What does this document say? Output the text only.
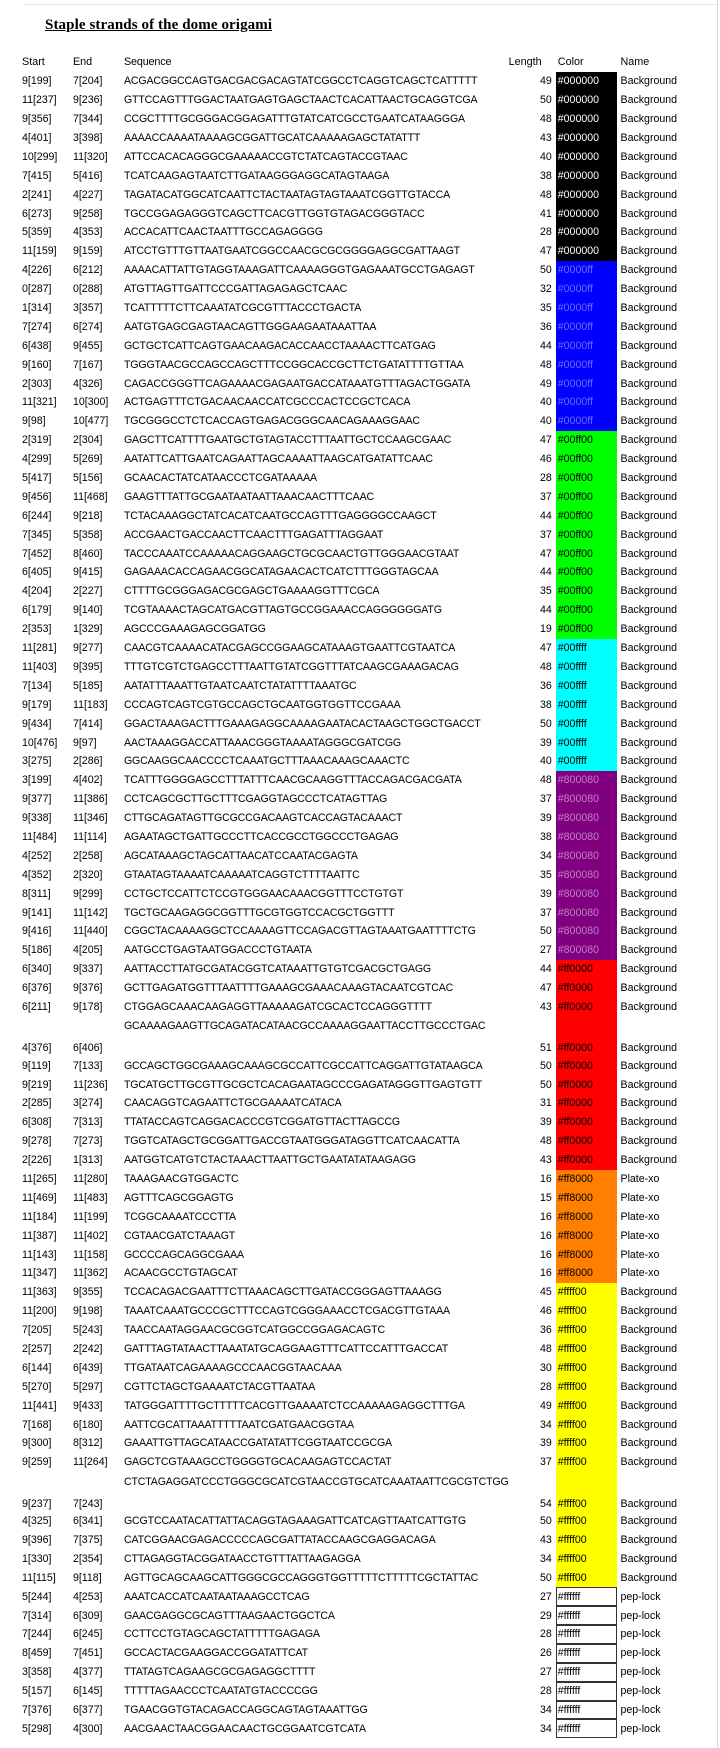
Staple strands of the dome origami
Start	End	Sequence	Length	Color	Name
9[199]	7[204]	ACGACGGCCAGTGACGACGACAGTATCGGCCTCAGGTCAGCTCATTTTT	49	#000000	Background
11[237]	9[236]	GTTCCAGTTTGGACTAATGAGTGAGCTAACTCACATTAACTGCAGGTCGA	50	#000000	Background
9[356]	7[344]	CCGCTTTTGCGGGACGGAGATTTGTATCATCGCCTGAATCATAAGGGA	48	#000000	Background
4[401]	3[398]	AAAACCAAAATAAAAGCGGATTGCATCAAAAAGAGCTATATTT	43	#000000	Background
10[299]	11[320]	ATTCCACACAGGGCGAAAAACCGTCTATCAGTACCGTAAC	40	#000000	Background
7[415]	5[416]	TCATCAAGAGTAATCTTGATAAGGGAGGCATAGTAAGA	38	#000000	Background
2[241]	4[227]	TAGATACATGGCATCAATTCTACTAATAGTAGTAAATCGGTTGTACCA	48	#000000	Background
6[273]	9[258]	TGCCGGAGAGGGTCAGCTTCACGTTGGTGTAGACGGGTACC	41	#000000	Background
5[359]	4[353]	ACCACATTCAACTAATTTGCCAGAGGGG	28	#000000	Background
11[159]	9[159]	ATCCTGTTTGTTAATGAATCGGCCAACGCGCGGGGAGGCGATTAAGT	47	#000000	Background
4[226]	6[212]	AAAACATTATTGTAGGTAAAGATTCAAAAGGGTGAGAAATGCCTGAGAGT	50	#0000ff	Background
0[287]	0[288]	ATGTTAGTTGATTCCCGATTAGAGAGCTCAAC	32	#0000ff	Background
1[314]	3[357]	TCATTTTTCTTCAAATATCGCGTTTACCCTGACTA	35	#0000ff	Background
7[274]	6[274]	AATGTGAGCGAGTAACAGTTGGGAAGAATAAATTAA	36	#0000ff	Background
6[438]	9[455]	GCTGCTCATTCAGTGAACAAGACACCAACCTAAAACTTCATGAG	44	#0000ff	Background
9[160]	7[167]	TGGGTAACGCCAGCCAGCTTTCCGGCACCGCTTCTGATATTTTGTTAA	48	#0000ff	Background
2[303]	4[326]	CAGACCGGGTTCAGAAAACGAGAATGACCATAAATGTTTAGACTGGATA	49	#0000ff	Background
11[321]	10[300]	ACTGAGTTTCTGACAACAACCATCGCCCACTCCGCTCACA	40	#0000ff	Background
9[98]	10[477]	TGCGGGCCTCTCACCAGTGAGACGGGCAACAGAAAGGAAC	40	#0000ff	Background
2[319]	2[304]	GAGCTTCATTTTGAATGCTGTAGTACCTTTAATTGCTCCAAGCGAAC	47	#00ff00	Background
4[299]	5[269]	AATATTCATTGAATCAGAATTAGCAAAATTAAGCATGATATTCAAC	46	#00ff00	Background
5[417]	5[156]	GCAACACTATCATAACCCTCGATAAAAA	28	#00ff00	Background
9[456]	11[468]	GAAGTTTATTGCGAATAATAATTAAACAACTTTCAAC	37	#00ff00	Background
6[244]	9[218]	TCTACAAAGGCTATCACATCAATGCCAGTTTGAGGGGCCAAGCT	44	#00ff00	Background
7[345]	5[358]	ACCGAACTGACCAACTTCAACTTTGAGATTTAGGAAT	37	#00ff00	Background
7[452]	8[460]	TACCCAAATCCAAAAACAGGAAGCTGCGCAACTGTTGGGAACGTAAT	47	#00ff00	Background
6[405]	9[415]	GAGAAACACCAGAACGGCATAGAACACTCATCTTTGGGTAGCAA	44	#00ff00	Background
4[204]	2[227]	CTTTTGCGGGAGACGCGAGCTGAAAAGGTTTCGCA	35	#00ff00	Background
6[179]	9[140]	TCGTAAAACTAGCATGACGTTAGTGCCGGAAACCAGGGGGGATG	44	#00ff00	Background
2[353]	1[329]	AGCCCGAAAGAGCGGATGG	19	#00ff00	Background
11[281]	9[277]	CAACGTCAAAACATACGAGCCGGAAGCATAAAGTGAATTCGTAATCA	47	#00ffff	Background
11[403]	9[395]	TTTGTCGTCTGAGCCTTTAATTGTATCGGTTTATCAAGCGAAAGACAG	48	#00ffff	Background
7[134]	5[185]	AATATTTAAATTGTAATCAATCTATATTTTAAATGC	36	#00ffff	Background
9[179]	11[183]	CCCAGTCAGTCGTGCCAGCTGCAATGGTGGTTCCGAAA	38	#00ffff	Background
9[434]	7[414]	GGACTAAAGACTTTGAAAGAGGCAAAAGAATACACTAAGCTGGCTGACCT	50	#00ffff	Background
10[476]	9[97]	AACTAAAGGACCATTAAACGGGTAAAATAGGGCGATCGG	39	#00ffff	Background
3[275]	2[286]	GGCAAGGCAACCCCTCAAATGCTTTAAACAAAGCAAACTC	40	#00ffff	Background
3[199]	4[402]	TCATTTGGGGAGCCTTTATTTCAACGCAAGGTTTACCAGACGACGATA	48	#800080	Background
9[377]	11[386]	CCTCAGCGCTTGCTTTCGAGGTAGCCCTCATAGTTAG	37	#800080	Background
9[338]	11[346]	CTTGCAGATAGTTGCGCCGACAAGTCACCAGTACAAACT	39	#800080	Background
11[484]	11[114]	AGAATAGCTGATTGCCCTTCACCGCCTGGCCCTGAGAG	38	#800080	Background
4[252]	2[258]	AGCATAAAGCTAGCATTAACATCCAATACGAGTA	34	#800080	Background
4[352]	2[320]	GTAATAGTAAAATCAAAAATCAGGTCTTTTAATTC	35	#800080	Background
8[311]	9[299]	CCTGCTCCATTCTCCGTGGGAACAAACGGTTTCCTGTGT	39	#800080	Background
9[141]	11[142]	TGCTGCAAGAGGCGGTTTGCGTGGTCCACGCTGGTTT	37	#800080	Background
9[416]	11[440]	CGGCTACAAAAGGCTCCAAAAGTTCCAGACGTTAGTAAATGAATTTTCTG	50	#800080	Background
5[186]	4[205]	AATGCCTGAGTAATGGACCCTGTAATA	27	#800080	Background
6[340]	9[337]	AATTACCTTATGCGATACGGTCATAAATTGTGTCGACGCTGAGG	44	#ff0000	Background
6[376]	9[376]	GCTTGAGATGGTTTAATTTTGAAAGCGAAACAAAGTACAATCGTCAC	47	#ff0000	Background
6[211]	9[178]	CTGGAGCAAACAAGAGGTTAAAAAGATCGCACTCCAGGGTTTT	43	#ff0000	Background
4[376]	6[406]	GCAAAAGAAGTTGCAGATACATAACGCCAAAAGGAATTACCTTGCCCTGAC	51	#ff0000	Background
9[119]	7[133]	GCCAGCTGGCGAAAGCAAAGCGCCATTCGCCATTCAGGATTGTATAAGCA	50	#ff0000	Background
9[219]	11[236]	TGCATGCTTGCGTTGCGCTCACAGAATAGCCCGAGATAGGGTTGAGTGTT	50	#ff0000	Background
2[285]	3[274]	CAACAGGTCAGAATTCTGCGAAAATCATACA	31	#ff0000	Background
6[308]	7[313]	TTATACCAGTCAGGACACCCGTCGGATGTTACTTAGCCG	39	#ff0000	Background
9[278]	7[273]	TGGTCATAGCTGCGGATTGACCGTAATGGGATAGGTTCATCAACATTA	48	#ff0000	Background
2[226]	1[313]	AATGGTCATGTCTACTAAACTTAATTGCTGAATATATAAGAGG	43	#ff0000	Background
11[265]	11[280]	TAAAGAACGTGGACTC	16	#ff8000	Plate-xo
11[469]	11[483]	AGTTTCAGCGGAGTG	15	#ff8000	Plate-xo
11[184]	11[199]	TCGGCAAAATCCCTTA	16	#ff8000	Plate-xo
11[387]	11[402]	CGTAACGATCTAAAGT	16	#ff8000	Plate-xo
11[143]	11[158]	GCCCCAGCAGGCGAAA	16	#ff8000	Plate-xo
11[347]	11[362]	ACAACGCCTGTAGCAT	16	#ff8000	Plate-xo
11[363]	9[355]	TCCACAGACGAATTTCTTAAACAGCTTGATACCGGGAGTTAAAGG	45	#ffff00	Background
11[200]	9[198]	TAAATCAAATGCCCGCTTTCCAGTCGGGAAACCTCGACGTTGTAAA	46	#ffff00	Background
7[205]	5[243]	TAACCAATAGGAACGCGGTCATGGCCGGAGACAGTC	36	#ffff00	Background
2[257]	2[242]	GATTTAGTATAACTTAAATATGCAGGAAGTTTCATTCCATTTGACCAT	48	#ffff00	Background
6[144]	6[439]	TTGATAATCAGAAAAGCCCAACGGTAACAAA	30	#ffff00	Background
5[270]	5[297]	CGTTCTAGCTGAAAATCTACGTTAATAA	28	#ffff00	Background
11[441]	9[433]	TATGGGATTTTGCTTTTTCACGTTGAAAATCTCCAAAAAGAGGCTTTGA	49	#ffff00	Background
7[168]	6[180]	AATTCGCATTAAATTTTTAATCGATGAACGGTAA	34	#ffff00	Background
9[300]	8[312]	GAAATTGTTAGCATAACCGATATATTCGGTAATCCGCGA	39	#ffff00	Background
9[259]	11[264]	GAGCTCGTAAAGCCTGGGGTGCACAAGAGTCCACTAT	37	#ffff00	Background
9[237]	7[243]	CTCTAGAGGATCCCTGGGCGCATCGTAACCGTGCATCAAATAATTCGCGTCTGG	54	#ffff00	Background
4[325]	6[341]	GCGTCCAATACATTATTACAGGTAGAAAGATTCATCAGTTAATCATTGTG	50	#ffff00	Background
9[396]	7[375]	CATCGGAACGAGACCCCCAGCGATTATACCAAGCGAGGACAGA	43	#ffff00	Background
1[330]	2[354]	CTTAGAGGTACGGATAACCTGTTTATTAAGAGGA	34	#ffff00	Background
11[115]	9[118]	AGTTGCAGCAAGCATTGGGCGCCAGGGTGGTTTTTCTTTTTCGCTATTAC	50	#ffff00	Background
5[244]	4[253]	AAATCACCATCAATAATAAAGCCTCAG	27	#ffffff	pep-lock
7[314]	6[309]	GAACGAGGCGCAGTTTAAGAACTGGCTCA	29	#ffffff	pep-lock
7[244]	6[245]	CCTTCCTGTAGCAGCTATTTTTGAGAGA	28	#ffffff	pep-lock
8[459]	7[451]	GCCACTACGAAGGACCGGATATTCAT	26	#ffffff	pep-lock
3[358]	4[377]	TTATAGTCAGAAGCGCGAGAGGCTTTT	27	#ffffff	pep-lock
5[157]	6[145]	TTTTTAGAACCCTCAATATGTACCCCGG	28	#ffffff	pep-lock
7[376]	6[377]	TGAACGGTGTACAGACCAGGCAGTAGTAAATTGG	34	#ffffff	pep-lock
5[298]	4[300]	AACGAACTAACGGAACAACTGCGGAATCGTCATA	34	#ffffff	pep-lock
